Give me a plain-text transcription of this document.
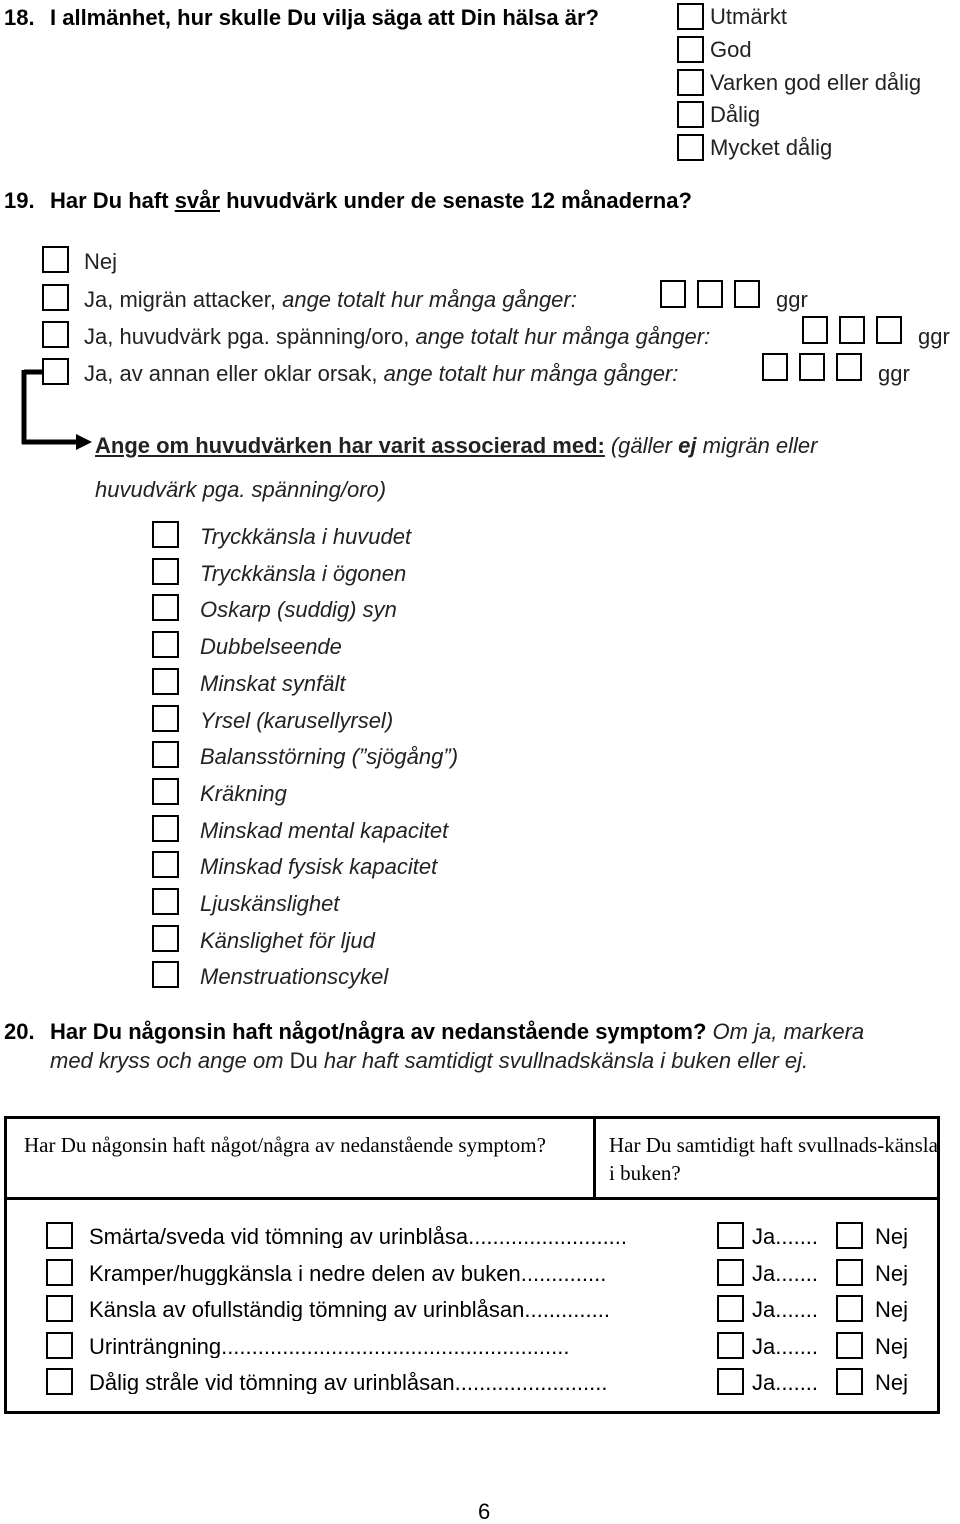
18. I allmänhet, hur skulle Du vilja säga att Din hälsa är?	Utmärkt
God
Varken god eller dålig
Dålig
Mycket dålig
19. Har Du haft svår huvudvärk under de senaste 12 månaderna?
Nej
Ja, migrän attacker, ange totalt hur många gånger:	ggr
Ja, huvudvärk pga. spänning/oro, ange totalt hur många gånger:	ggr
Ja, av annan eller oklar orsak, ange totalt hur många gånger:	ggr
Ange om huvudvärken har varit associerad med: (gäller ej migrän eller
huvudvärk pga. spänning/oro)
Tryckkänsla i huvudet
Tryckkänsla i ögonen
Oskarp (suddig) syn
Dubbelseende
Minskat synfält
Yrsel (karusellyrsel)
Balansstörning (”sjögång”)
Kräkning
Minskad mental kapacitet
Minskad fysisk kapacitet
Ljuskänslighet
Känslighet för ljud
Menstruationscykel
20. Har Du någonsin haft något/några av nedanstående symptom? Om ja, markera
med kryss och ange om Du har haft samtidigt svullnadskänsla i buken eller ej.
Har Du någonsin haft något/några av nedanstående symptom?	Har Du samtidigt haft svullnads-känsla i buken?
Smärta/sveda vid tömning av urinblåsa..........................	Ja.......	Nej
Kramper/huggkänsla i nedre delen av buken..............	Ja.......	Nej
Känsla av ofullständig tömning av urinblåsan..............	Ja.......	Nej
Urinträngning.........................................................	Ja.......	Nej
Dålig stråle vid tömning av urinblåsan.........................	Ja.......	Nej
6
